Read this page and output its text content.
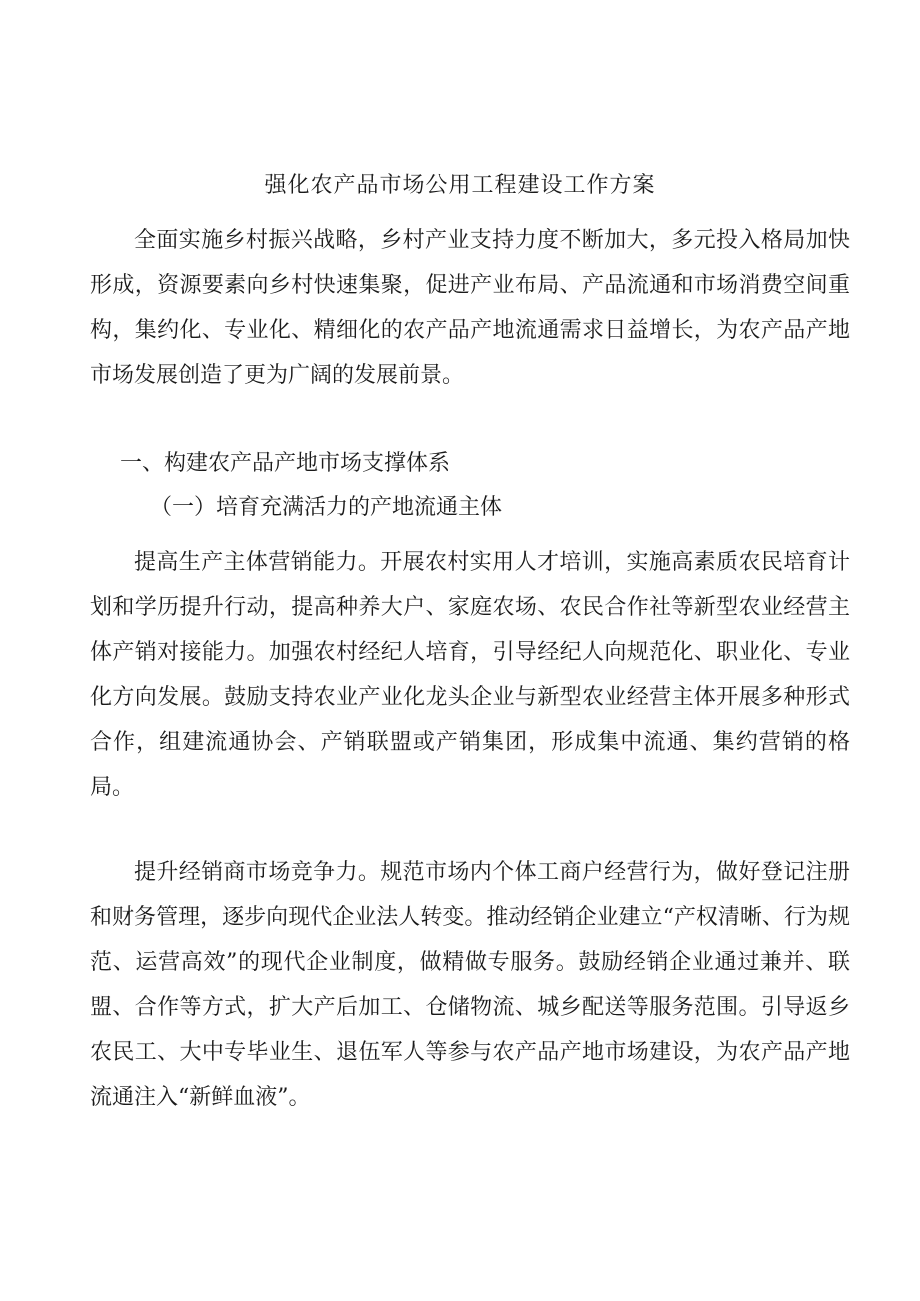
强化农产品市场公用工程建设工作方案

全面实施乡村振兴战略，乡村产业支持力度不断加大，多元投入格局加快形成，资源要素向乡村快速集聚，促进产业布局、产品流通和市场消费空间重构，集约化、专业化、精细化的农产品产地流通需求日益增长，为农产品产地市场发展创造了更为广阔的发展前景。

一、构建农产品产地市场支撑体系
（一）培育充满活力的产地流通主体

提高生产主体营销能力。开展农村实用人才培训，实施高素质农民培育计划和学历提升行动，提高种养大户、家庭农场、农民合作社等新型农业经营主体产销对接能力。加强农村经纪人培育，引导经纪人向规范化、职业化、专业化方向发展。鼓励支持农业产业化龙头企业与新型农业经营主体开展多种形式合作，组建流通协会、产销联盟或产销集团，形成集中流通、集约营销的格局。

提升经销商市场竞争力。规范市场内个体工商户经营行为，做好登记注册和财务管理，逐步向现代企业法人转变。推动经销企业建立“产权清晰、行为规范、运营高效”的现代企业制度，做精做专服务。鼓励经销企业通过兼并、联盟、合作等方式，扩大产后加工、仓储物流、城乡配送等服务范围。引导返乡农民工、大中专毕业生、退伍军人等参与农产品产地市场建设，为农产品产地流通注入“新鲜血液”。
